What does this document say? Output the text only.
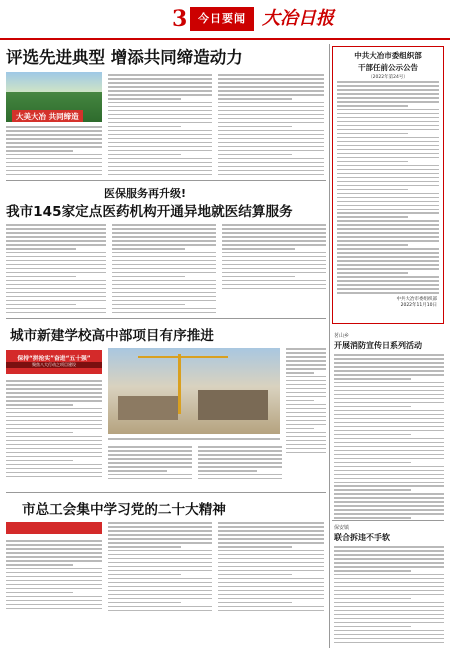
3 今日要闻 大冶日报
评选先进典型 增添共同缔造动力
大美大冶 共同缔造
医保服务再升级!
我市145家定点医药机构开通异地就医结算服务
城市新建学校高中部项目有序推进
保持“拼抢实”奋进“五十强”
聚焦八大行动之项目建设
市总工会集中学习党的二十大精神
中共大冶市委组织部
干部任前公示公告
（2022年第24号）
中共大冶市委组织部
2022年11月10日
茗山乡
开展消防宣传日系列活动
保安镇
联合拆违不手软
